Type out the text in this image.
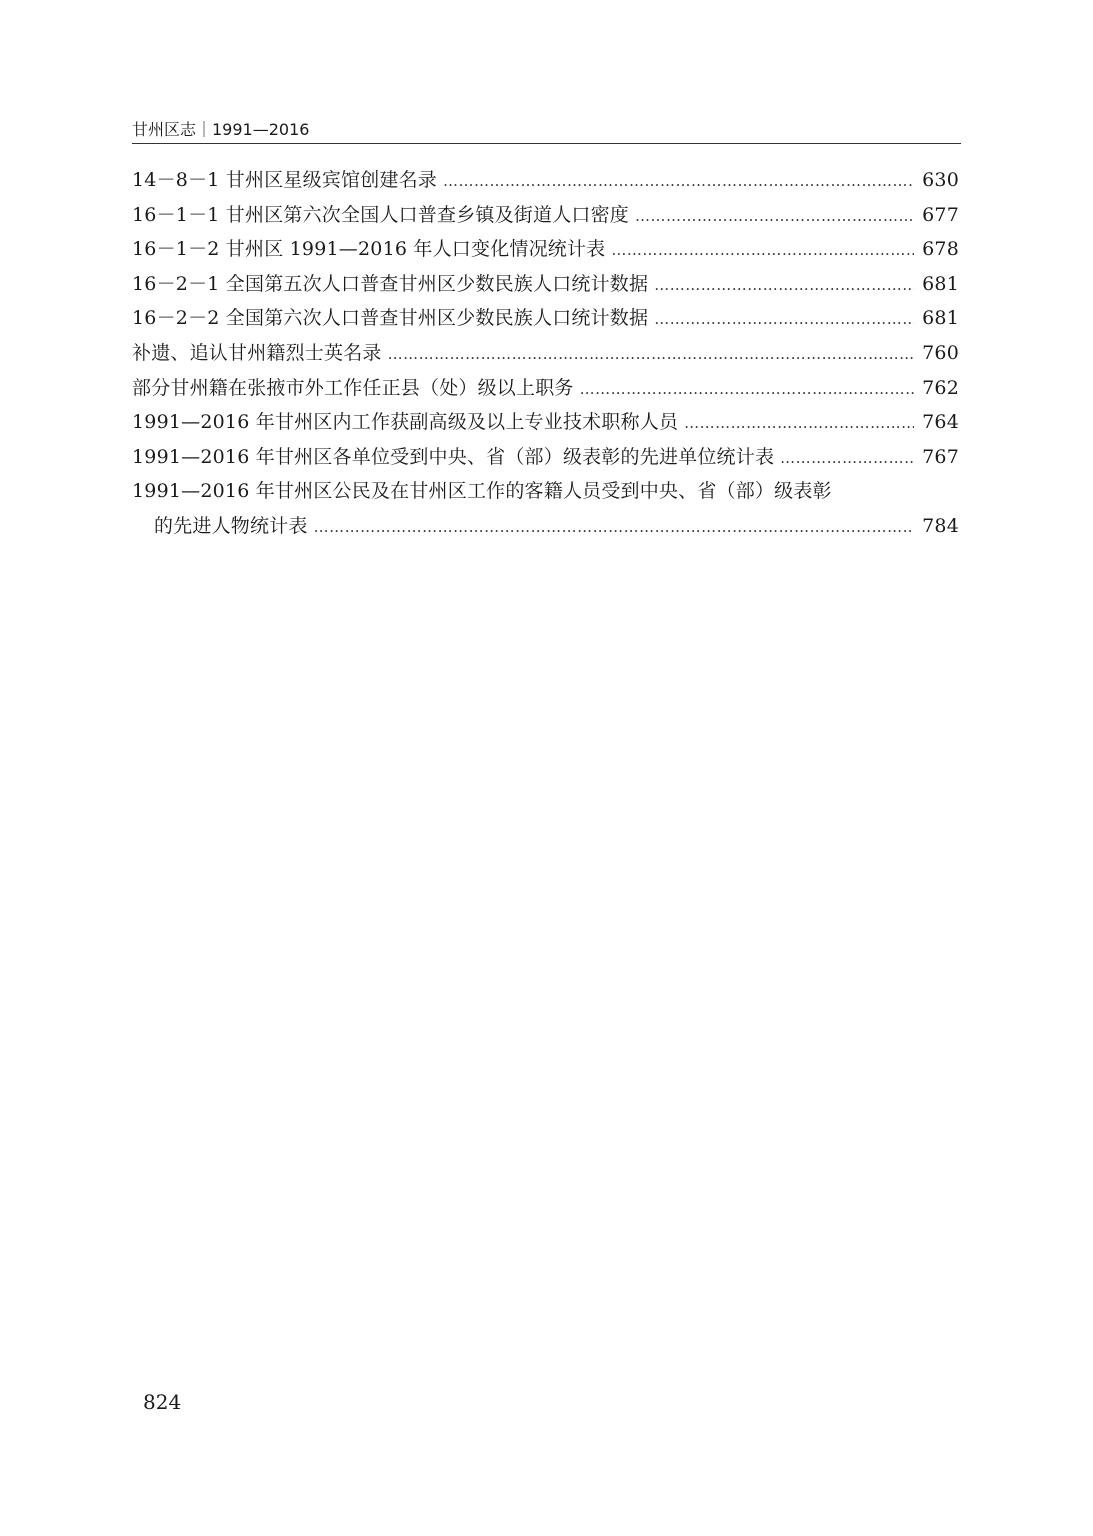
甘州区志｜1991—2016
14－8－1 甘州区星级宾馆创建名录 ……………………………………………………………………………………………………………………………………………………………………………………………………	630
16－1－1 甘州区第六次全国人口普查乡镇及街道人口密度 ……………………………………………………………………………………………………………………………………………………………………………………………………	677
16－1－2 甘州区 1991—2016 年人口变化情况统计表 ……………………………………………………………………………………………………………………………………………………………………………………………………	678
16－2－1 全国第五次人口普查甘州区少数民族人口统计数据 ……………………………………………………………………………………………………………………………………………………………………………………………………	681
16－2－2 全国第六次人口普查甘州区少数民族人口统计数据 ……………………………………………………………………………………………………………………………………………………………………………………………………	681
补遗、追认甘州籍烈士英名录 ……………………………………………………………………………………………………………………………………………………………………………………………………	760
部分甘州籍在张掖市外工作任正县（处）级以上职务 ……………………………………………………………………………………………………………………………………………………………………………………………………	762
1991—2016 年甘州区内工作获副高级及以上专业技术职称人员 ……………………………………………………………………………………………………………………………………………………………………………………………………	764
1991—2016 年甘州区各单位受到中央、省（部）级表彰的先进单位统计表 ……………………………………………………………………………………………………………………………………………………………………………………………………	767
1991—2016 年甘州区公民及在甘州区工作的客籍人员受到中央、省（部）级表彰
的先进人物统计表 ……………………………………………………………………………………………………………………………………………………………………………………………………	784
824
